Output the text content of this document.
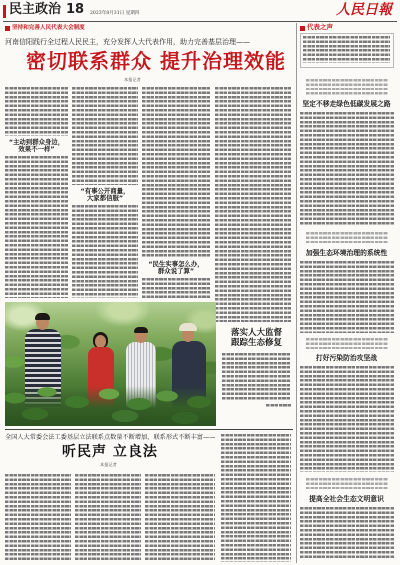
民主政治 18 2023年8月31日 星期四	人民日報
坚持和完善人民代表大会制度	代表之声
河南信阳践行全过程人民民主，充分发挥人大代表作用，助力完善基层治理——
密切联系群众 提升治理效能
本报记者
“主动到群众身边，效果不一样”
“有事公开商量，大家都信服”
“民生实事怎么办，群众说了算”
落实人大监督
跟踪生态修复
全国人大常委会法工委基层立法联系点数量不断增加，联系形式不断丰富——
听民声 立良法
本报记者
坚定不移走绿色低碳发展之路
加强生态环境治理的系统性
打好污染防治攻坚战
提高全社会生态文明意识
